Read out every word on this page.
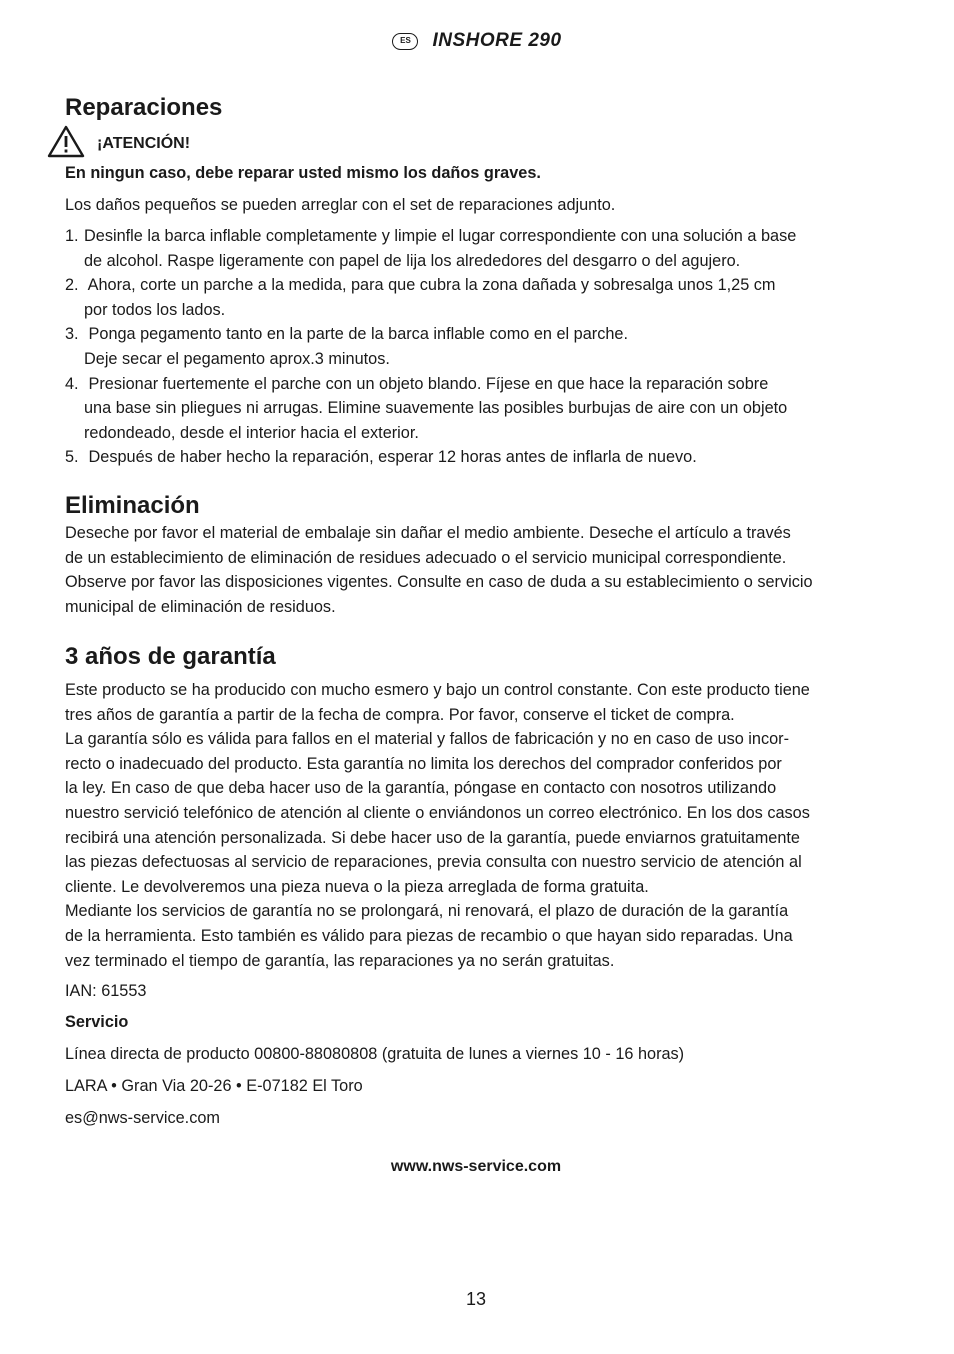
ES	INSHORE 290
Reparaciones
¡ATENCIÓN!
En ningun caso, debe reparar usted mismo los daños graves.
Los daños pequeños se pueden arreglar con el set de reparaciones adjunto.
1. Desinfle la barca inflable completamente y limpie el lugar correspondiente con una solución a base
de alcohol. Raspe ligeramente con papel de lija los alrededores del desgarro o del agujero.
2. Ahora, corte un parche a la medida, para que cubra la zona dañada y sobresalga unos 1,25 cm
por todos los lados.
3. Ponga pegamento tanto en la parte de la barca inflable como en el parche.
Deje secar el pegamento aprox.3 minutos.
4. Presionar fuertemente el parche con un objeto blando. Fíjese en que hace la reparación sobre
una base sin pliegues ni arrugas. Elimine suavemente las posibles burbujas de aire con un objeto
redondeado, desde el interior hacia el exterior.
5. Después de haber hecho la reparación, esperar 12 horas antes de inflarla de nuevo.
Eliminación
Deseche por favor el material de embalaje sin dañar el medio ambiente. Deseche el artículo a través
de un establecimiento de eliminación de residues adecuado o el servicio municipal correspondiente.
Observe por favor las disposiciones vigentes. Consulte en caso de duda a su establecimiento o servicio
municipal de eliminación de residuos.
3 años de garantía
Este producto se ha producido con mucho esmero y bajo un control constante. Con este producto tiene
tres años de garantía a partir de la fecha de compra. Por favor, conserve el ticket de compra.
La garantía sólo es válida para fallos en el material y fallos de fabricación y no en caso de uso incor-
recto o inadecuado del producto. Esta garantía no limita los derechos del comprador conferidos por
la ley. En caso de que deba hacer uso de la garantía, póngase en contacto con nosotros utilizando
nuestro servició telefónico de atención al cliente o enviándonos un correo electrónico. En los dos casos
recibirá una atención personalizada. Si debe hacer uso de la garantía, puede enviarnos gratuitamente
las piezas defectuosas al servicio de reparaciones, previa consulta con nuestro servicio de atención al
cliente. Le devolveremos una pieza nueva o la pieza arreglada de forma gratuita.
Mediante los servicios de garantía no se prolongará, ni renovará, el plazo de duración de la garantía
de la herramienta. Esto también es válido para piezas de recambio o que hayan sido reparadas. Una
vez terminado el tiempo de garantía, las reparaciones ya no serán gratuitas.
IAN: 61553
Servicio
Línea directa de producto 00800-88080808 (gratuita de lunes a viernes 10 - 16 horas)
LARA • Gran Via 20-26 • E-07182 El Toro
es@nws-service.com
www.nws-service.com
13
